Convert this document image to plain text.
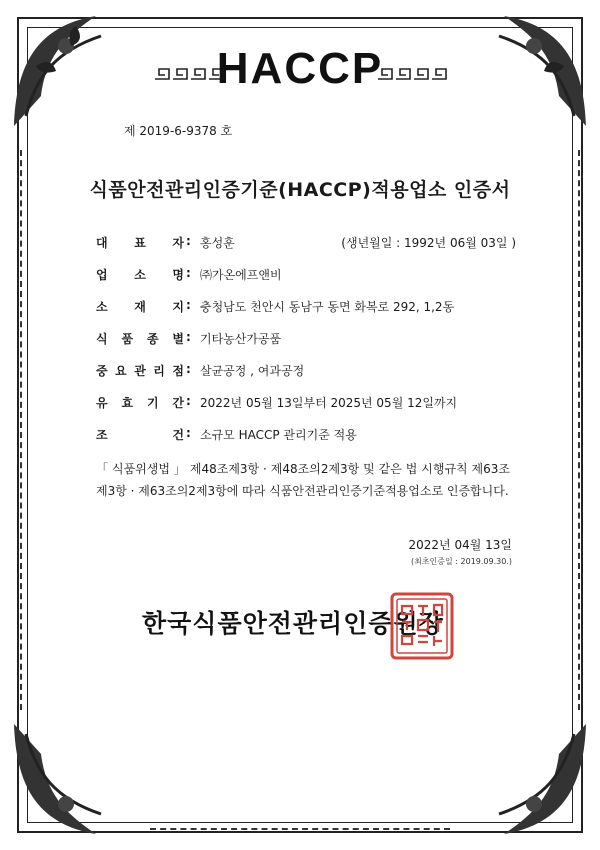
HACCP
제 2019-6-9378 호
식품안전관리인증기준(HACCP)적용업소 인증서
대 표 자 : 홍성훈	(생년월일 : 1992년 06월 03일 )
업 소 명 : ㈜가온에프앤비
소 재 지 : 충청남도 천안시 동남구 동면 화복로 292, 1,2동
식 품 종 별 : 기타농산가공품
중 요 관 리 점 : 살균공정 , 여과공정
유 효 기 간 : 2022년 05월 13일부터 2025년 05월 12일까지
조	건 : 소규모 HACCP 관리기준 적용
「 식품위생법 」 제48조제3항 · 제48조의2제3항 및 같은 법 시행규칙 제63조제3항 · 제63조의2제3항에 따라 식품안전관리인증기준적용업소로 인증합니다.
2022년 04월 13일
(최초인증일 : 2019.09.30.)
한국식품안전관리인증원장
